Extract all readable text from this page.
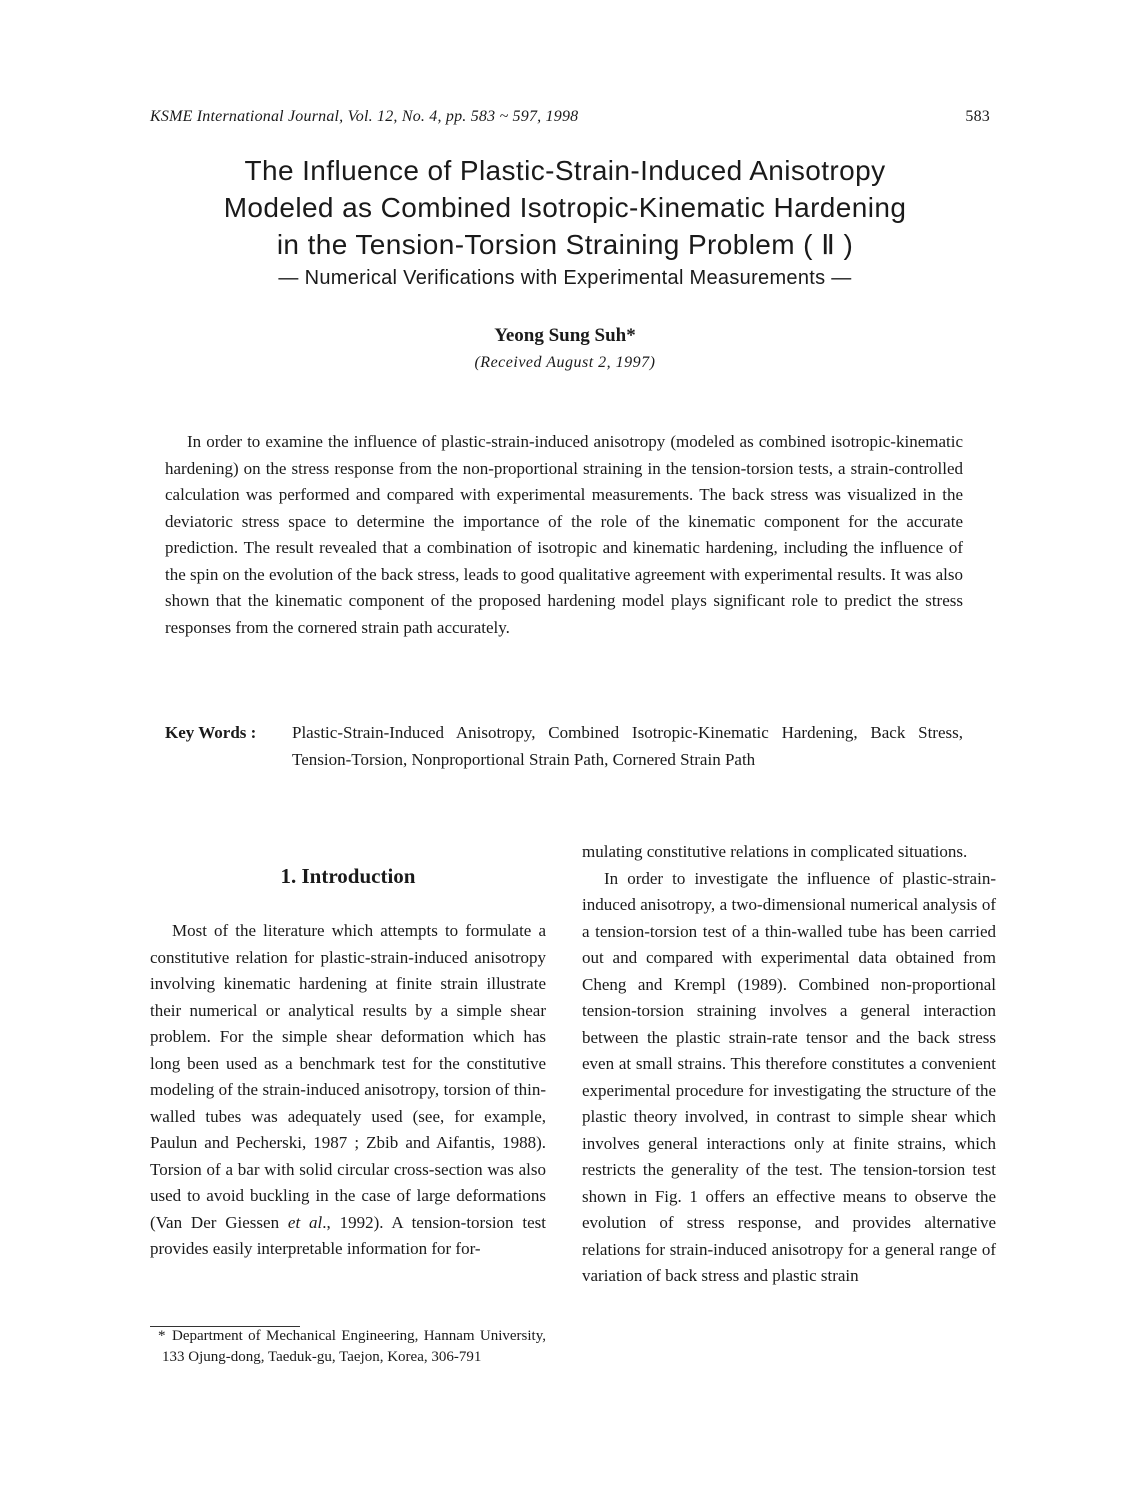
KSME International Journal, Vol. 12, No. 4, pp. 583 ~ 597, 1998	583
The Influence of Plastic-Strain-Induced Anisotropy
Modeled as Combined Isotropic-Kinematic Hardening
in the Tension-Torsion Straining Problem ( Ⅱ )
— Numerical Verifications with Experimental Measurements —
Yeong Sung Suh*
(Received August 2, 1997)

In order to examine the influence of plastic-strain-induced anisotropy (modeled as combined isotropic-kinematic hardening) on the stress response from the non-proportional straining in the tension-torsion tests, a strain-controlled calculation was performed and compared with experimental measurements. The back stress was visualized in the deviatoric stress space to determine the importance of the role of the kinematic component for the accurate prediction. The result revealed that a combination of isotropic and kinematic hardening, including the influence of the spin on the evolution of the back stress, leads to good qualitative agreement with experimental results. It was also shown that the kinematic component of the proposed hardening model plays significant role to predict the stress responses from the cornered strain path accurately.

Key Words : Plastic-Strain-Induced Anisotropy, Combined Isotropic-Kinematic Hardening, Back Stress, Tension-Torsion, Nonproportional Strain Path, Cornered Strain Path
1. Introduction

Most of the literature which attempts to formulate a constitutive relation for plastic-strain-induced anisotropy involving kinematic hardening at finite strain illustrate their numerical or analytical results by a simple shear problem. For the simple shear deformation which has long been used as a benchmark test for the constitutive modeling of the strain-induced anisotropy, torsion of thin-walled tubes was adequately used (see, for example, Paulun and Pecherski, 1987 ; Zbib and Aifantis, 1988). Torsion of a bar with solid circular cross-section was also used to avoid buckling in the case of large deformations (Van Der Giessen et al., 1992). A tension-torsion test provides easily interpretable information for for-

mulating constitutive relations in complicated situations.

In order to investigate the influence of plastic-strain-induced anisotropy, a two-dimensional numerical analysis of a tension-torsion test of a thin-walled tube has been carried out and compared with experimental data obtained from Cheng and Krempl (1989). Combined non-proportional tension-torsion straining involves a general interaction between the plastic strain-rate tensor and the back stress even at small strains. This therefore constitutes a convenient experimental procedure for investigating the structure of the plastic theory involved, in contrast to simple shear which involves general interactions only at finite strains, which restricts the generality of the test. The tension-torsion test shown in Fig. 1 offers an effective means to observe the evolution of stress response, and provides alternative relations for strain-induced anisotropy for a general range of variation of back stress and plastic strain

* Department of Mechanical Engineering, Hannam University, 133 Ojung-dong, Taeduk-gu, Taejon, Korea, 306-791
